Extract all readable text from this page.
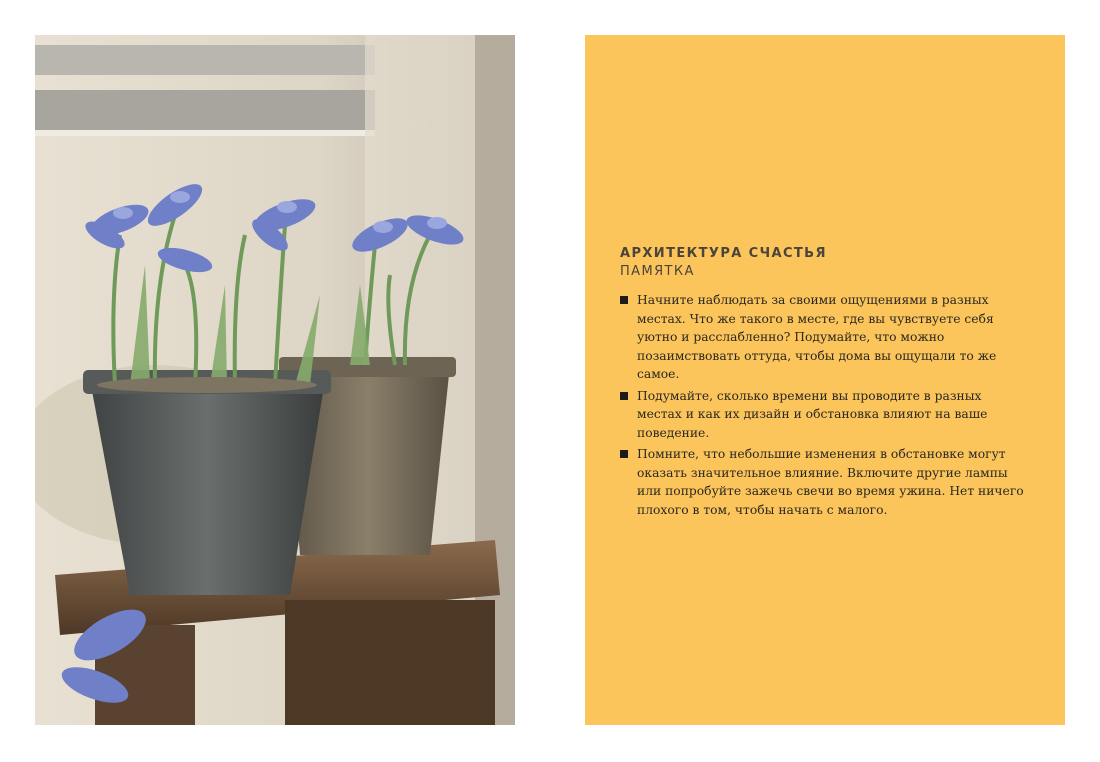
АРХИТЕКТУРА СЧАСТЬЯ
ПАМЯТКА
Начните наблюдать за своими ощущениями в разных местах. Что же такого в месте, где вы чувствуете себя уютно и расслабленно? Подумайте, что можно позаимствовать оттуда, чтобы дома вы ощущали то же самое.
Подумайте, сколько времени вы проводите в разных местах и как их дизайн и обстановка влияют на ваше поведение.
Помните, что небольшие изменения в обстановке могут оказать значительное влияние. Включите другие лампы или попробуйте зажечь свечи во время ужина. Нет ничего плохого в том, чтобы начать с малого.
